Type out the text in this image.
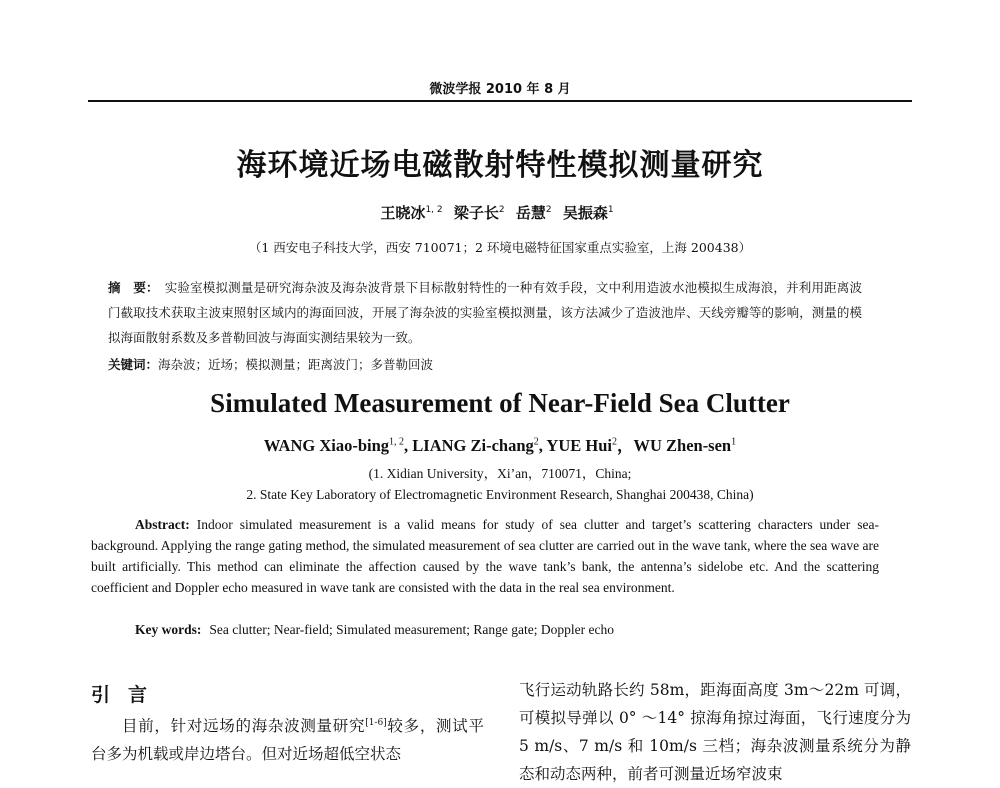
微波学报 2010 年 8 月
海环境近场电磁散射特性模拟测量研究
王晓冰$^{1, 2}$ 梁子长$^2$ 岳慧$^2$ 吴振森$^1$
（1 西安电子科技大学，西安 710071；2 环境电磁特征国家重点实验室，上海 200438）
摘　要： 实验室模拟测量是研究海杂波及海杂波背景下目标散射特性的一种有效手段，文中利用造波水池模拟生成海浪，并利用距离波门截取技术获取主波束照射区域内的海面回波，开展了海杂波的实验室模拟测量，该方法减少了造波池岸、天线旁瓣等的影响，测量的模拟海面散射系数及多普勒回波与海面实测结果较为一致。
关键词：海杂波；近场；模拟测量；距离波门；多普勒回波
Simulated Measurement of Near-Field Sea Clutter
WANG Xiao-bing$^{1, 2}$, LIANG Zi-chang$^2$, YUE Hui$^2$，WU Zhen-sen$^1$
(1. Xidian University，Xi’an，710071，China;
2. State Key Laboratory of Electromagnetic Environment Research, Shanghai 200438, China)
Abstract: Indoor simulated measurement is a valid means for study of sea clutter and target’s scattering characters under sea-background. Applying the range gating method, the simulated measurement of sea clutter are carried out in the wave tank, where the sea wave are built artificially. This method can eliminate the affection caused by the wave tank’s bank, the antenna’s sidelobe etc. And the scattering coefficient and Doppler echo measured in wave tank are consisted with the data in the real sea environment.
Key words: Sea clutter; Near-field; Simulated measurement; Range gate; Doppler echo
引言
目前，针对远场的海杂波测量研究[1-6]较多，测试平台多为机载或岸边塔台。但对近场超低空状态
飞行运动轨路长约 58m，距海面高度 3m～22m 可调，可模拟导弹以 0° ～14° 掠海角掠过海面，飞行速度分为 5 m/s、7 m/s 和 10m/s 三档；海杂波测量系统分为静态和动态两种，前者可测量近场窄波束
